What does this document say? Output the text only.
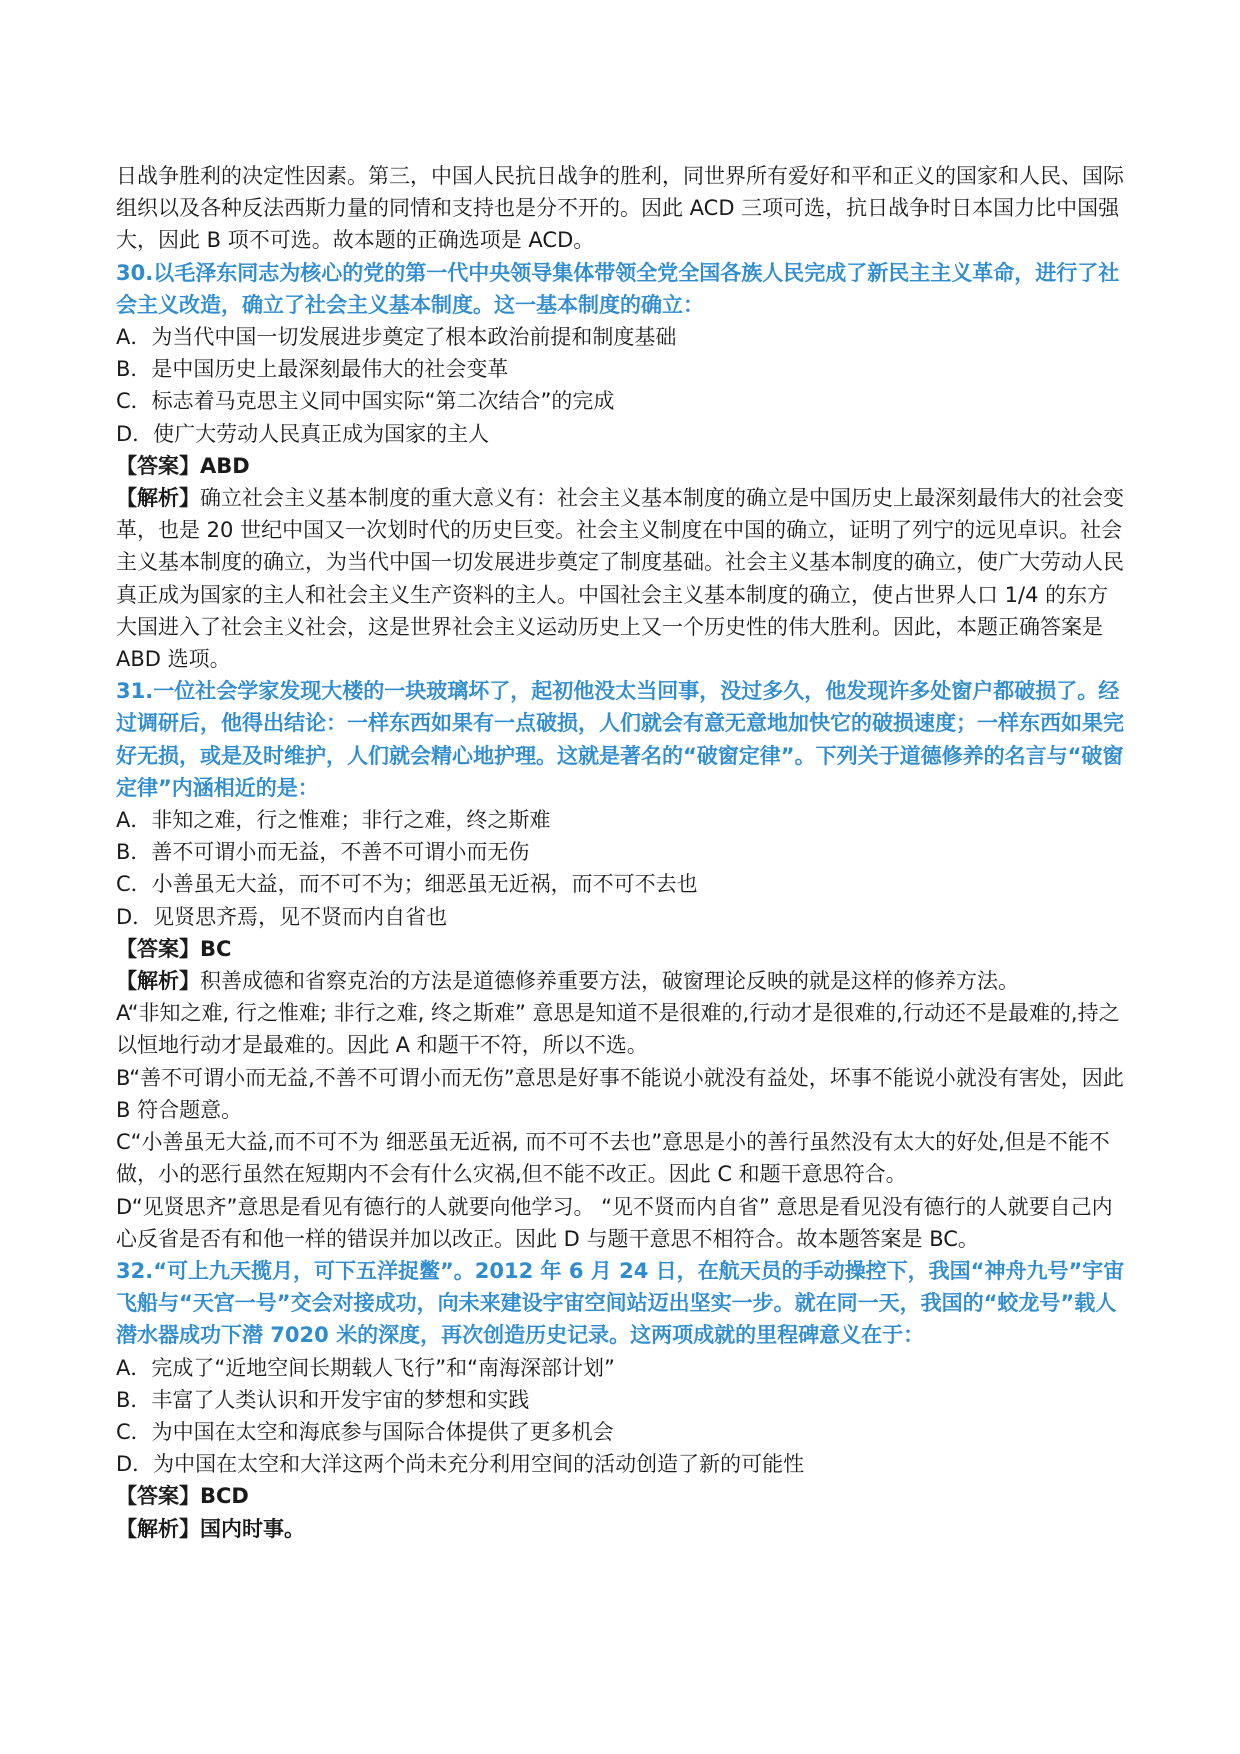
日战争胜利的决定性因素。第三，中国人民抗日战争的胜利，同世界所有爱好和平和正义的国家和人民、国际组织以及各种反法西斯力量的同情和支持也是分不开的。因此 ACD 三项可选，抗日战争时日本国力比中国强大，因此 B 项不可选。故本题的正确选项是 ACD。

30.以毛泽东同志为核心的党的第一代中央领导集体带领全党全国各族人民完成了新民主主义革命，进行了社会主义改造，确立了社会主义基本制度。这一基本制度的确立：

A．为当代中国一切发展进步奠定了根本政治前提和制度基础

B．是中国历史上最深刻最伟大的社会变革

C．标志着马克思主义同中国实际“第二次结合”的完成

D．使广大劳动人民真正成为国家的主人

【答案】ABD

【解析】确立社会主义基本制度的重大意义有：社会主义基本制度的确立是中国历史上最深刻最伟大的社会变革，也是 20 世纪中国又一次划时代的历史巨变。社会主义制度在中国的确立，证明了列宁的远见卓识。社会主义基本制度的确立，为当代中国一切发展进步奠定了制度基础。社会主义基本制度的确立，使广大劳动人民真正成为国家的主人和社会主义生产资料的主人。中国社会主义基本制度的确立，使占世界人口 1/4 的东方大国进入了社会主义社会，这是世界社会主义运动历史上又一个历史性的伟大胜利。因此，本题正确答案是 ABD 选项。

31.一位社会学家发现大楼的一块玻璃坏了，起初他没太当回事，没过多久，他发现许多处窗户都破损了。经过调研后，他得出结论：一样东西如果有一点破损，人们就会有意无意地加快它的破损速度；一样东西如果完好无损，或是及时维护，人们就会精心地护理。这就是著名的“破窗定律”。下列关于道德修养的名言与“破窗定律”内涵相近的是：

A．非知之难，行之惟难；非行之难，终之斯难

B．善不可谓小而无益，不善不可谓小而无伤

C．小善虽无大益，而不可不为；细恶虽无近祸，而不可不去也

D．见贤思齐焉，见不贤而内自省也

【答案】BC

【解析】积善成德和省察克治的方法是道德修养重要方法，破窗理论反映的就是这样的修养方法。

A“非知之难, 行之惟难; 非行之难, 终之斯难” 意思是知道不是很难的,行动才是很难的,行动还不是最难的,持之以恒地行动才是最难的。因此 A 和题干不符，所以不选。

B“善不可谓小而无益,不善不可谓小而无伤”意思是好事不能说小就没有益处，坏事不能说小就没有害处，因此 B 符合题意。

C“小善虽无大益,而不可不为 细恶虽无近祸, 而不可不去也”意思是小的善行虽然没有太大的好处,但是不能不做，小的恶行虽然在短期内不会有什么灾祸,但不能不改正。因此 C 和题干意思符合。

D“见贤思齐”意思是看见有德行的人就要向他学习。 “见不贤而内自省” 意思是看见没有德行的人就要自己内心反省是否有和他一样的错误并加以改正。因此 D 与题干意思不相符合。故本题答案是 BC。

32.“可上九天揽月，可下五洋捉鳖”。2012 年 6 月 24 日，在航天员的手动操控下，我国“神舟九号”宇宙飞船与“天宫一号”交会对接成功，向未来建设宇宙空间站迈出坚实一步。就在同一天，我国的“蛟龙号”载人潜水器成功下潜 7020 米的深度，再次创造历史记录。这两项成就的里程碑意义在于：

A．完成了“近地空间长期载人飞行”和“南海深部计划”

B．丰富了人类认识和开发宇宙的梦想和实践

C．为中国在太空和海底参与国际合体提供了更多机会

D．为中国在太空和大洋这两个尚未充分利用空间的活动创造了新的可能性

【答案】BCD

【解析】国内时事。
